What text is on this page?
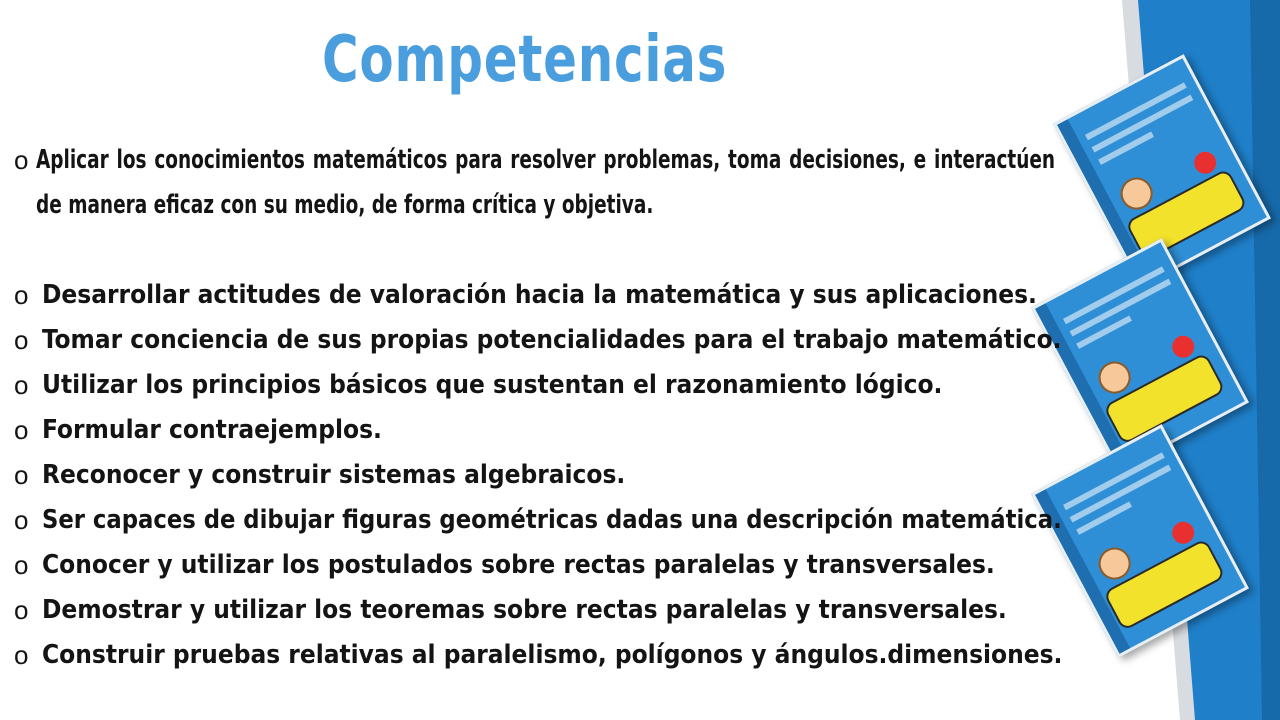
Competencias
o Aplicar los conocimientos matemáticos para resolver problemas, toma decisiones, e interactúen de manera eficaz con su medio, de forma crítica y objetiva.
o Desarrollar actitudes de valoración hacia la matemática y sus aplicaciones.
o Tomar conciencia de sus propias potencialidades para el trabajo matemático.
o Utilizar los principios básicos que sustentan el razonamiento lógico.
o Formular contraejemplos.
o Reconocer y construir sistemas algebraicos.
o Ser capaces de dibujar figuras geométricas dadas una descripción matemática.
o Conocer y utilizar los postulados sobre rectas paralelas y transversales.
o Demostrar y utilizar los teoremas sobre rectas paralelas y transversales.
o Construir pruebas relativas al paralelismo, polígonos y ángulos.dimensiones.
